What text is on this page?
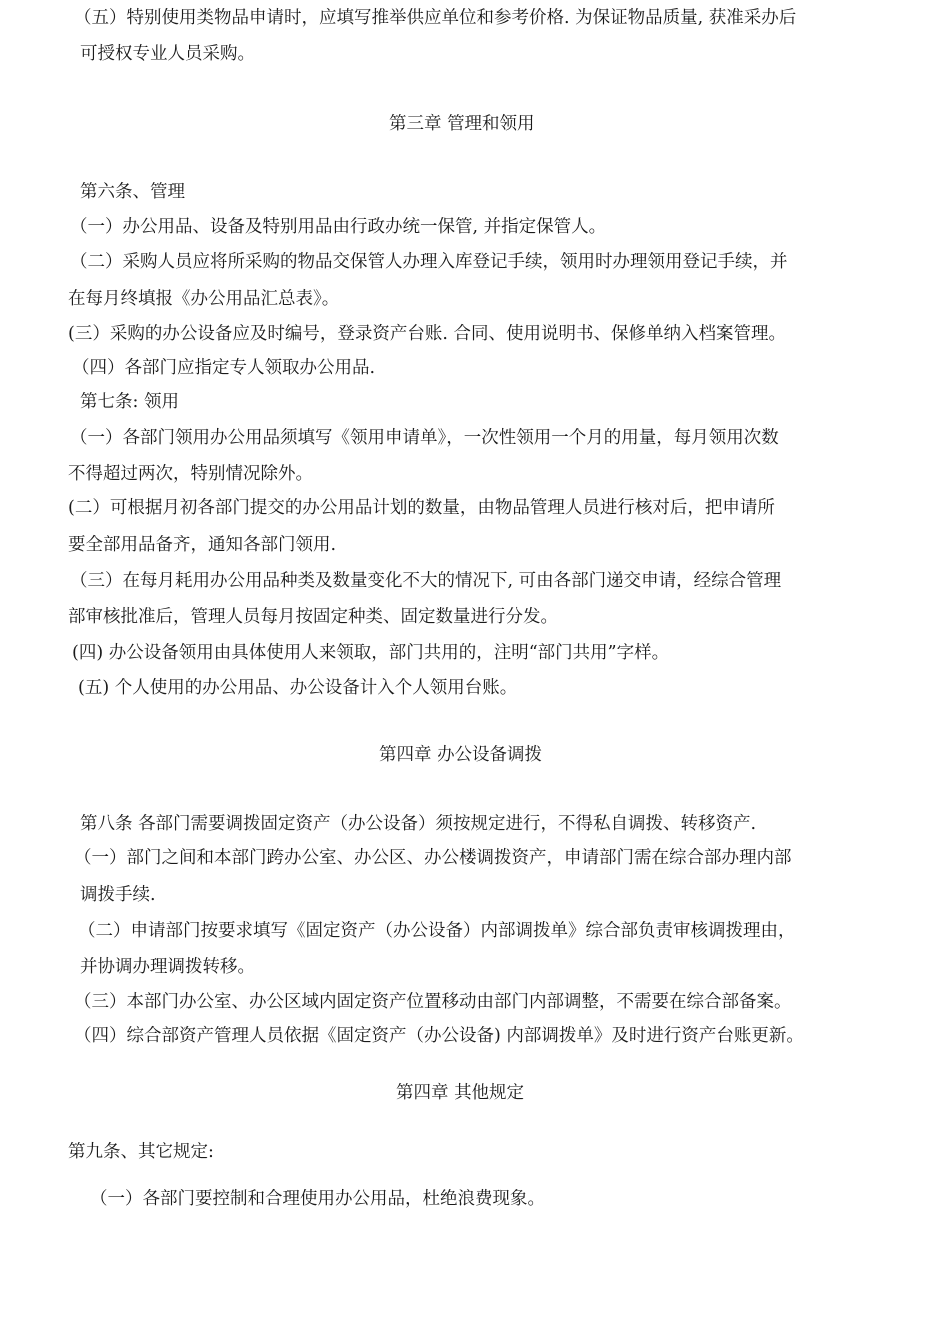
（五）特别使用类物品申请时，应填写推举供应单位和参考价格. 为保证物品质量, 获准采办后
可授权专业人员采购。
第三章 管理和领用
第六条、管理
（一）办公用品、设备及特别用品由行政办统一保管, 并指定保管人。
（二）采购人员应将所采购的物品交保管人办理入库登记手续，领用时办理领用登记手续，并
在每月终填报《办公用品汇总表》。
(三）采购的办公设备应及时编号，登录资产台账. 合同、使用说明书、保修单纳入档案管理。
（四）各部门应指定专人领取办公用品.
第七条: 领用
（一）各部门领用办公用品须填写《领用申请单》，一次性领用一个月的用量，每月领用次数
不得超过两次，特别情况除外。
(二）可根据月初各部门提交的办公用品计划的数量，由物品管理人员进行核对后，把申请所
要全部用品备齐，通知各部门领用.
（三）在每月耗用办公用品种类及数量变化不大的情况下, 可由各部门递交申请，经综合管理
部审核批准后，管理人员每月按固定种类、固定数量进行分发。
(四) 办公设备领用由具体使用人来领取，部门共用的，注明“部门共用”字样。
(五) 个人使用的办公用品、办公设备计入个人领用台账。
第四章 办公设备调拨
第八条 各部门需要调拨固定资产（办公设备）须按规定进行，不得私自调拨、转移资产.
（一）部门之间和本部门跨办公室、办公区、办公楼调拨资产，申请部门需在综合部办理内部
调拨手续.
（二）申请部门按要求填写《固定资产（办公设备）内部调拨单》综合部负责审核调拨理由，
并协调办理调拨转移。
（三）本部门办公室、办公区域内固定资产位置移动由部门内部调整，不需要在综合部备案。
（四）综合部资产管理人员依据《固定资产（办公设备) 内部调拨单》及时进行资产台账更新。
第四章 其他规定
第九条、其它规定:
（一）各部门要控制和合理使用办公用品，杜绝浪费现象。
